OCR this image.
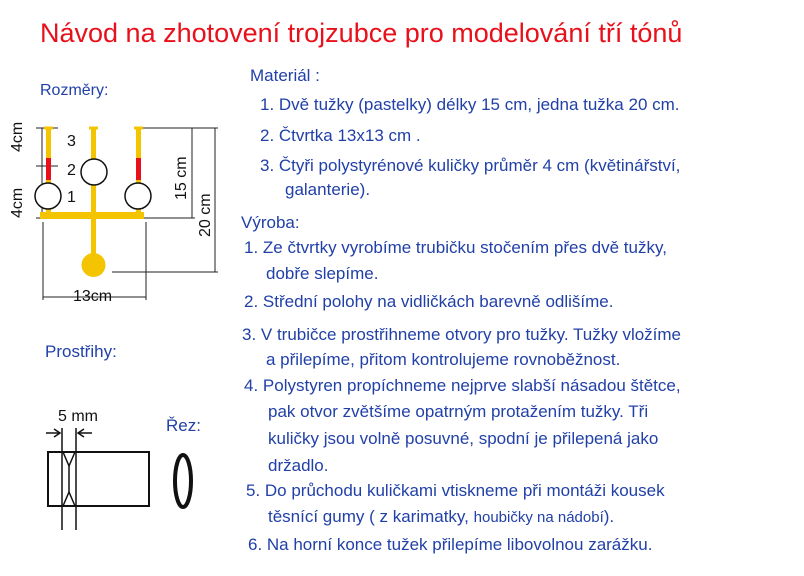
Návod na zhotovení trojzubce pro modelování tří tónů
Rozměry:
Prostřihy:
Řez:
3
2
1
4cm
4cm
15 cm
20 cm
13cm
5 mm
Materiál :
1. Dvě tužky (pastelky) délky 15 cm, jedna tužka 20 cm.
2. Čtvrtka 13x13 cm .
3. Čtyři polystyrénové kuličky průměr 4 cm (květinářství,
galanterie).
Výroba:
1. Ze čtvrtky vyrobíme trubičku stočením přes dvě tužky,
dobře slepíme.
2. Střední polohy na vidličkách barevně odlišíme.
3. V trubičce prostřihneme otvory pro tužky. Tužky vložíme
a přilepíme, přitom kontrolujeme rovnoběžnost.
4. Polystyren propíchneme nejprve slabší násadou štětce,
pak otvor zvětšíme opatrným protažením tužky. Tři
kuličky jsou volně posuvné, spodní je přilepená jako
držadlo.
5. Do průchodu kuličkami vtiskneme při montáži kousek
těsnící gumy ( z karimatky, houbičky na nádobí).
6. Na horní konce tužek přilepíme libovolnou zarážku.
